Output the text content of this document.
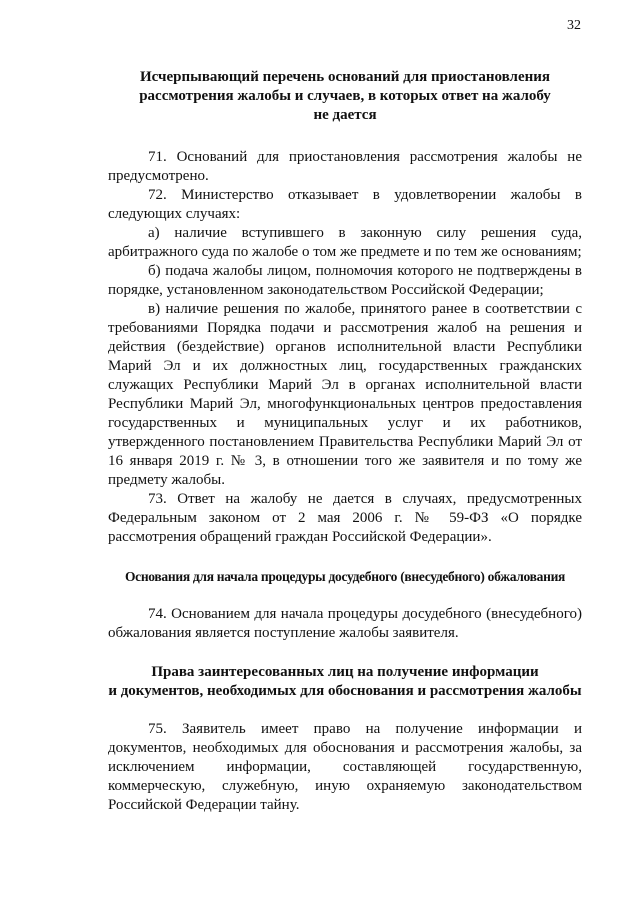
32
Исчерпывающий перечень оснований для приостановления
рассмотрения жалобы и случаев, в которых ответ на жалобу
не дается

71. Оснований для приостановления рассмотрения жалобы не предусмотрено.

72. Министерство отказывает в удовлетворении жалобы в следующих случаях:

а) наличие вступившего в законную силу решения суда, арбитражного суда по жалобе о том же предмете и по тем же основаниям;

б) подача жалобы лицом, полномочия которого не подтверждены в порядке, установленном законодательством Российской Федерации;

в) наличие решения по жалобе, принятого ранее в соответствии с требованиями Порядка подачи и рассмотрения жалоб на решения и действия (бездействие) органов исполнительной власти Республики Марий Эл и их должностных лиц, государственных гражданских служащих Республики Марий Эл в органах исполнительной власти Республики Марий Эл, многофункциональных центров предоставления государственных и муниципальных услуг и их работников, утвержденного постановлением Правительства Республики Марий Эл от 16 января 2019 г. № 3, в отношении того же заявителя и по тому же предмету жалобы.

73. Ответ на жалобу не дается в случаях, предусмотренных Федеральным законом от 2 мая 2006 г. № 59-ФЗ «О порядке рассмотрения обращений граждан Российской Федерации».

Основания для начала процедуры досудебного (внесудебного) обжалования

74. Основанием для начала процедуры досудебного (внесудебного) обжалования является поступление жалобы заявителя.

Права заинтересованных лиц на получение информации
и документов, необходимых для обоснования и рассмотрения жалобы

75. Заявитель имеет право на получение информации и документов, необходимых для обоснования и рассмотрения жалобы, за исключением информации, составляющей государственную, коммерческую, служебную, иную охраняемую законодательством Российской Федерации тайну.
